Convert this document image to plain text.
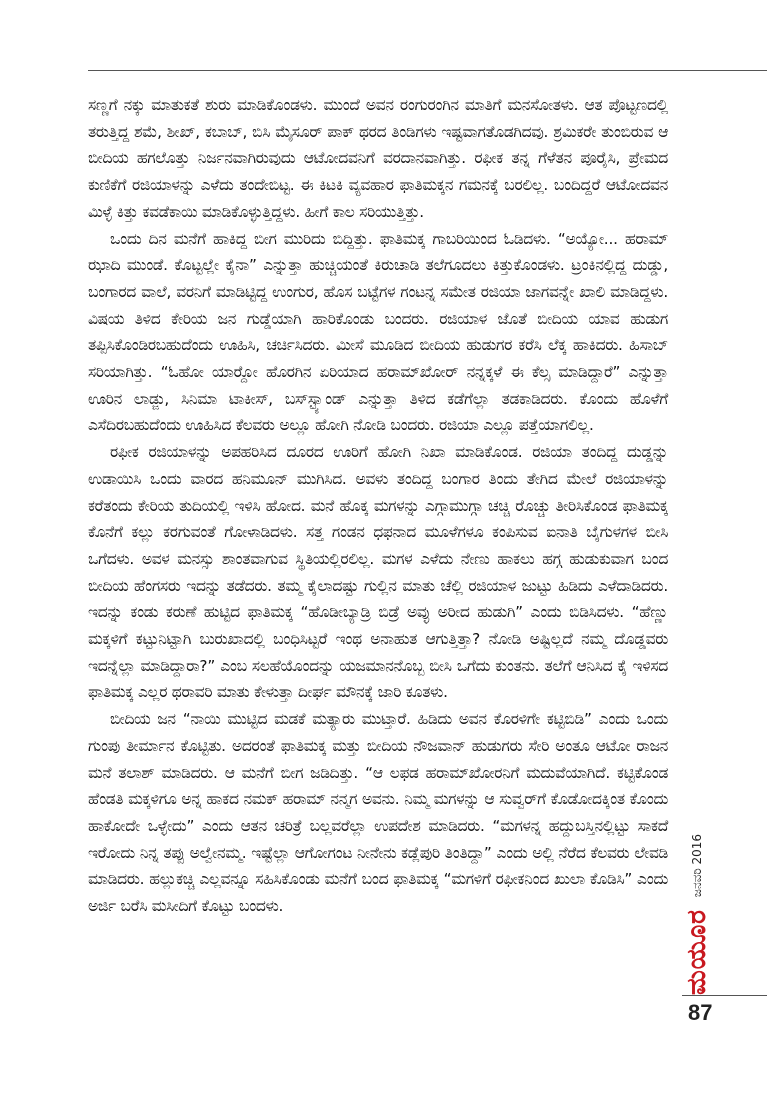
ಸಣ್ಣಗೆ ನಕ್ಕು ಮಾತುಕತೆ ಶುರು ಮಾಡಿಕೊಂಡಳು. ಮುಂದೆ ಅವನ ರಂಗುರಂಗಿನ ಮಾತಿಗೆ ಮನಸೋತಳು. ಆತ ಪೊಟ್ಟಣದಲ್ಲಿ ತರುತ್ತಿದ್ದ ಶಮೆ, ಶೀಖ್, ಕಬಾಬ್, ಬಿಸಿ ಮೈಸೂರ್ ಪಾಕ್ ಥರದ ತಿಂಡಿಗಳು ಇಷ್ಟವಾಗತೊಡಗಿದವು. ಶ್ರಮಿಕರೇ ತುಂಬಿರುವ ಆ ಬೀದಿಯ ಹಗಲೊತ್ತು ನಿರ್ಜನವಾಗಿರುವುದು ಆಟೋದವನಿಗೆ ವರದಾನವಾಗಿತ್ತು. ರಫೀಕ ತನ್ನ ಗೆಳೆತನ ಪೂರೈಸಿ, ಪ್ರೇಮದ ಕುಣಿಕೆಗೆ ರಜಿಯಾಳನ್ನು ಎಳೆದು ತಂದೇಬಿಟ್ಟ. ಈ ಕಿಟಕಿ ವ್ಯವಹಾರ ಫಾತಿಮಕ್ಕನ ಗಮನಕ್ಕೆ ಬರಲಿಲ್ಲ. ಬಂದಿದ್ದರೆ ಆಟೋದವನ ಮಿಳ್ಳೆ ಕಿತ್ತು ಕವಡೆಕಾಯಿ ಮಾಡಿಕೊಳ್ಳುತ್ತಿದ್ದಳು. ಹೀಗೆ ಕಾಲ ಸರಿಯುತ್ತಿತ್ತು.

ಒಂದು ದಿನ ಮನೆಗೆ ಹಾಕಿದ್ದ ಬೀಗ ಮುರಿದು ಬಿದ್ದಿತ್ತು. ಫಾತಿಮಕ್ಕ ಗಾಬರಿಯಿಂದ ಓಡಿದಳು. “ಅಯ್ಯೋ... ಹರಾಮ್ ಝಾದಿ ಮುಂಡೆ. ಕೊಟ್ಟಲ್ಲೇ ಕೈನಾ” ಎನ್ನುತ್ತಾ ಹುಚ್ಚಿಯಂತೆ ಕಿರುಚಾಡಿ ತಲೆಗೂದಲು ಕಿತ್ತುಕೊಂಡಳು. ಟ್ರಂಕಿನಲ್ಲಿದ್ದ ದುಡ್ಡು, ಬಂಗಾರದ ವಾಲೆ, ವರನಿಗೆ ಮಾಡಿಟ್ಟಿದ್ದ ಉಂಗುರ, ಹೊಸ ಬಟ್ಟೆಗಳ ಗಂಟನ್ನ ಸಮೇತ ರಜಿಯಾ ಜಾಗವನ್ನೇ ಖಾಲಿ ಮಾಡಿದ್ದಳು. ವಿಷಯ ತಿಳಿದ ಕೇರಿಯ ಜನ ಗುಡ್ಡೆಯಾಗಿ ಹಾರಿಕೊಂಡು ಬಂದರು. ರಜಿಯಾಳ ಜೊತೆ ಬೀದಿಯ ಯಾವ ಹುಡುಗ ತಪ್ಪಿಸಿಕೊಂಡಿರಬಹುದೆಂದು ಊಹಿಸಿ, ಚರ್ಚಿಸಿದರು. ಮೀಸೆ ಮೂಡಿದ ಬೀದಿಯ ಹುಡುಗರ ಕರೆಸಿ ಲೆಕ್ಕ ಹಾಕಿದರು. ಹಿಸಾಬ್ ಸರಿಯಾಗಿತ್ತು. “ಓಹೋ ಯಾರ್‍ದೋ ಹೊರಗಿನ ಏರಿಯಾದ ಹರಾಮ್‌ಖೋರ್ ನನ್ನಕ್ಕಳೆ ಈ ಕೆಲ್ಸ ಮಾಡಿದ್ದಾರೆ” ಎನ್ನುತ್ತಾ ಊರಿನ ಲಾಡ್ಜು, ಸಿನಿಮಾ ಟಾಕೀಸ್, ಬಸ್‌ಸ್ಟ್ಯಾಂಡ್ ಎನ್ನುತ್ತಾ ತಿಳಿದ ಕಡೆಗೆಲ್ಲಾ ತಡಕಾಡಿದರು. ಕೊಂದು ಹೊಳೆಗೆ ಎಸೆದಿರಬಹುದೆಂದು ಊಹಿಸಿದ ಕೆಲವರು ಅಲ್ಲೂ ಹೋಗಿ ನೋಡಿ ಬಂದರು. ರಜಿಯಾ ಎಲ್ಲೂ ಪತ್ತೆಯಾಗಲಿಲ್ಲ.

ರಫೀಕ ರಜಿಯಾಳನ್ನು ಅಪಹರಿಸಿದ ದೂರದ ಊರಿಗೆ ಹೋಗಿ ನಿಖಾ ಮಾಡಿಕೊಂಡ. ರಜಿಯಾ ತಂದಿದ್ದ ದುಡ್ಡನ್ನು ಉಡಾಯಿಸಿ ಒಂದು ವಾರದ ಹನಿಮೂನ್ ಮುಗಿಸಿದ. ಅವಳು ತಂದಿದ್ದ ಬಂಗಾರ ತಿಂದು ತೇಗಿದ ಮೇಲೆ ರಜಿಯಾಳನ್ನು ಕರೆತಂದು ಕೇರಿಯ ತುದಿಯಲ್ಲಿ ಇಳಿಸಿ ಹೋದ. ಮನೆ ಹೊಕ್ಕ ಮಗಳನ್ನು ಎಗ್ಗಾಮುಗ್ಗಾ ಚಚ್ಚಿ ರೊಚ್ಚು ತೀರಿಸಿಕೊಂಡ ಫಾತಿಮಕ್ಕ ಕೊನೆಗೆ ಕಲ್ಲು ಕರಗುವಂತೆ ಗೋಳಾಡಿದಳು. ಸತ್ತ ಗಂಡನ ಧಫನಾದ ಮೂಳೆಗಳೂ ಕಂಪಿಸುವ ಐನಾತಿ ಬೈಗುಳಗಳ ಬೀಸಿ ಒಗೆದಳು. ಅವಳ ಮನಸ್ಸು ಶಾಂತವಾಗುವ ಸ್ಥಿತಿಯಲ್ಲಿರಲಿಲ್ಲ. ಮಗಳ ಎಳೆದು ನೇಣು ಹಾಕಲು ಹಗ್ಗ ಹುಡುಕುವಾಗ ಬಂದ ಬೀದಿಯ ಹೆಂಗಸರು ಇದನ್ನು ತಡೆದರು. ತಮ್ಮ ಕೈಲಾದಷ್ಟು ಗುಲ್ಲಿನ ಮಾತು ಚೆಲ್ಲಿ ರಜಿಯಾಳ ಜುಟ್ಟು ಹಿಡಿದು ಎಳೆದಾಡಿದರು. ಇದನ್ನು ಕಂಡು ಕರುಣೆ ಹುಟ್ಟಿದ ಫಾತಿಮಕ್ಕ “ಹೊಡೀಬ್ಯಾಡ್ರಿ ಬಿಡ್ರೆ ಅವ್ಳು ಅರೀದ ಹುಡುಗಿ” ಎಂದು ಬಿಡಿಸಿದಳು. “ಹೆಣ್ಣು ಮಕ್ಕಳಿಗೆ ಕಟ್ಟುನಿಟ್ಟಾಗಿ ಬುರುಖಾದಲ್ಲಿ ಬಂಧಿಸಿಟ್ಟರೆ ಇಂಥ ಅನಾಹುತ ಆಗುತ್ತಿತ್ತಾ? ನೋಡಿ ಅಷ್ಟಿಲ್ಲದೆ ನಮ್ಮ ದೊಡ್ಡವರು ಇದನ್ನೆಲ್ಲಾ ಮಾಡಿದ್ದಾರಾ?” ಎಂಬ ಸಲಹೆಯೊಂದನ್ನು ಯಜಮಾನನೊಬ್ಬ ಬೀಸಿ ಒಗೆದು ಕುಂತನು. ತಲೆಗೆ ಆನಿಸಿದ ಕೈ ಇಳಿಸದ ಫಾತಿಮಕ್ಕ ಎಲ್ಲರ ಥರಾವರಿ ಮಾತು ಕೇಳುತ್ತಾ ದೀರ್ಘ ಮೌನಕ್ಕೆ ಜಾರಿ ಕೂತಳು.

ಬೀದಿಯ ಜನ “ನಾಯಿ ಮುಟ್ಟಿದ ಮಡಕೆ ಮತ್ಯಾರು ಮುಟ್ತಾರೆ. ಹಿಡಿದು ಅವನ ಕೊರಳಿಗೇ ಕಟ್ಟಿಬಿಡಿ” ಎಂದು ಒಂದು ಗುಂಪು ತೀರ್ಮಾನ ಕೊಟ್ಟಿತು. ಅದರಂತೆ ಫಾತಿಮಕ್ಕ ಮತ್ತು ಬೀದಿಯ ನೌಜವಾನ್ ಹುಡುಗರು ಸೇರಿ ಅಂತೂ ಆಟೋ ರಾಜನ ಮನೆ ತಲಾಶ್ ಮಾಡಿದರು. ಆ ಮನೆಗೆ ಬೀಗ ಜಡಿದಿತ್ತು. “ಆ ಲಫಡ ಹರಾಮ್‌ಖೋರನಿಗೆ ಮದುವೆಯಾಗಿದೆ. ಕಟ್ಟಿಕೊಂಡ ಹೆಂಡತಿ ಮಕ್ಕಳಿಗೂ ಅನ್ನ ಹಾಕದ ನಮಕ್ ಹರಾಮ್ ನನ್ಮಗ ಅವನು. ನಿಮ್ಮ ಮಗಳನ್ನು ಆ ಸುವ್ವರ್‌ಗೆ ಕೊಡೋದಕ್ಕಿಂತ ಕೊಂದು ಹಾಕೋದೇ ಒಳ್ಳೇದು” ಎಂದು ಆತನ ಚರಿತ್ರೆ ಬಲ್ಲವರೆಲ್ಲಾ ಉಪದೇಶ ಮಾಡಿದರು. “ಮಗಳನ್ನ ಹದ್ದುಬಸ್ತಿನಲ್ಲಿಟ್ಟು ಸಾಕದೆ ಇರೋದು ನಿನ್ನ ತಪ್ಪು ಅಲ್ವೇನಮ್ಮ. ಇಷ್ಟೆಲ್ಲಾ ಆಗೋಗಂಟ ನೀನೇನು ಕಡ್ಲೆಪುರಿ ತಿಂತಿದ್ದಾ” ಎಂದು ಅಲ್ಲಿ ನೆರೆದ ಕೆಲವರು ಲೇವಡಿ ಮಾಡಿದರು. ಹಲ್ಲುಕಚ್ಚಿ ಎಲ್ಲವನ್ನೂ ಸಹಿಸಿಕೊಂಡು ಮನೆಗೆ ಬಂದ ಫಾತಿಮಕ್ಕ “ಮಗಳಿಗೆ ರಫೀಕನಿಂದ ಖುಲಾ ಕೊಡಿಸಿ” ಎಂದು ಅರ್ಜಿ ಬರೆಸಿ ಮಸೀದಿಗೆ ಕೊಟ್ಟು ಬಂದಳು.

ಮಯೂರ
ಜನವರಿ 2016
87
